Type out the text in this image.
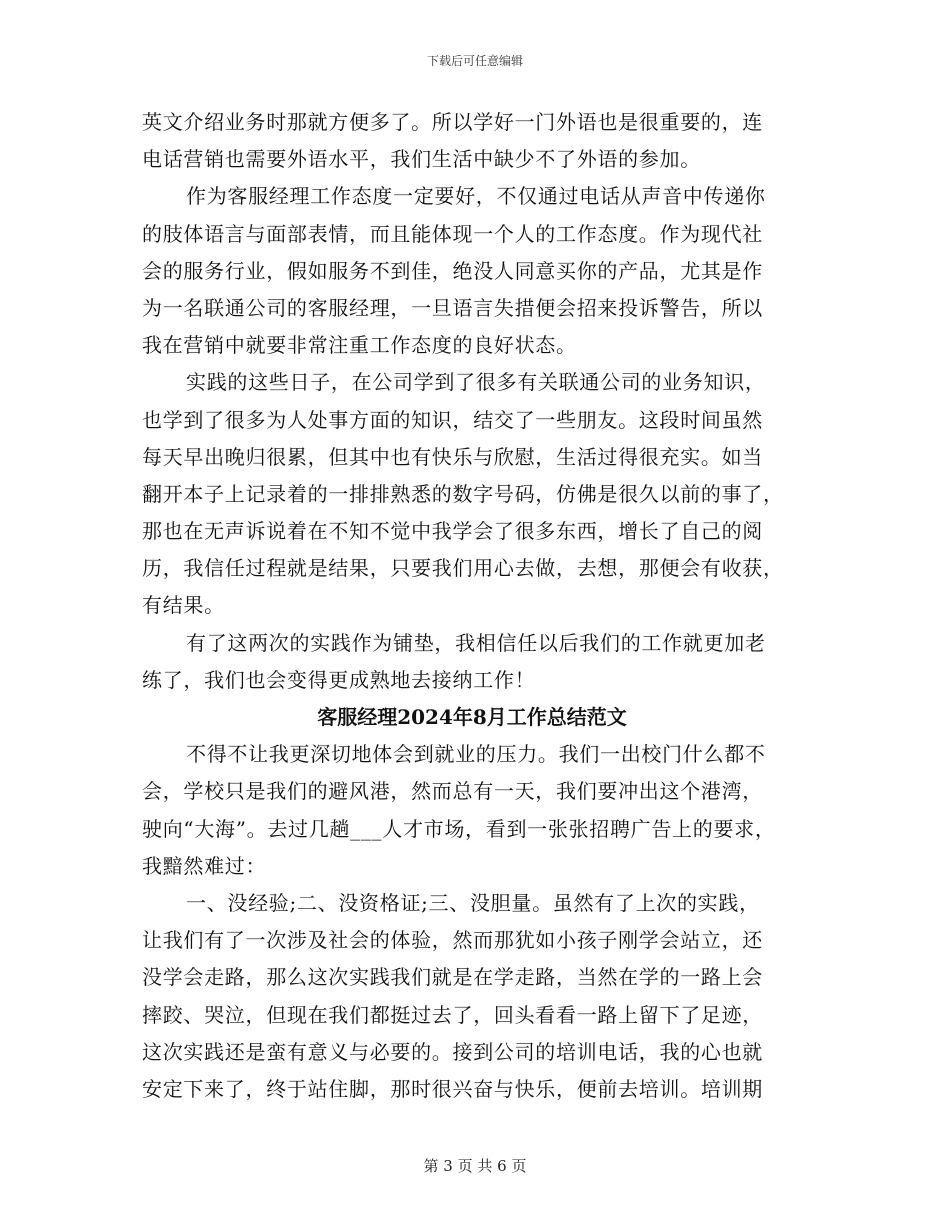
下载后可任意编辑
英文介绍业务时那就方便多了。所以学好一门外语也是很重要的，连
电话营销也需要外语水平，我们生活中缺少不了外语的参加。
作为客服经理工作态度一定要好，不仅通过电话从声音中传递你
的肢体语言与面部表情，而且能体现一个人的工作态度。作为现代社
会的服务行业，假如服务不到佳，绝没人同意买你的产品，尤其是作
为一名联通公司的客服经理，一旦语言失措便会招来投诉警告，所以
我在营销中就要非常注重工作态度的良好状态。
实践的这些日子，在公司学到了很多有关联通公司的业务知识，
也学到了很多为人处事方面的知识，结交了一些朋友。这段时间虽然
每天早出晚归很累，但其中也有快乐与欣慰，生活过得很充实。如当
翻开本子上记录着的一排排熟悉的数字号码，仿佛是很久以前的事了，
那也在无声诉说着在不知不觉中我学会了很多东西，增长了自己的阅
历，我信任过程就是结果，只要我们用心去做，去想，那便会有收获，
有结果。
有了这两次的实践作为铺垫，我相信任以后我们的工作就更加老
练了，我们也会变得更成熟地去接纳工作！
客服经理2024年8月工作总结范文
不得不让我更深切地体会到就业的压力。我们一出校门什么都不
会，学校只是我们的避风港，然而总有一天，我们要冲出这个港湾，
驶向“大海”。去过几趟___人才市场，看到一张张招聘广告上的要求，
我黯然难过：
一、没经验;二、没资格证;三、没胆量。虽然有了上次的实践，
让我们有了一次涉及社会的体验，然而那犹如小孩子刚学会站立，还
没学会走路，那么这次实践我们就是在学走路，当然在学的一路上会
摔跤、哭泣，但现在我们都挺过去了，回头看看一路上留下了足迹，
这次实践还是蛮有意义与必要的。接到公司的培训电话，我的心也就
安定下来了，终于站住脚，那时很兴奋与快乐，便前去培训。培训期
第 3 页 共 6 页
